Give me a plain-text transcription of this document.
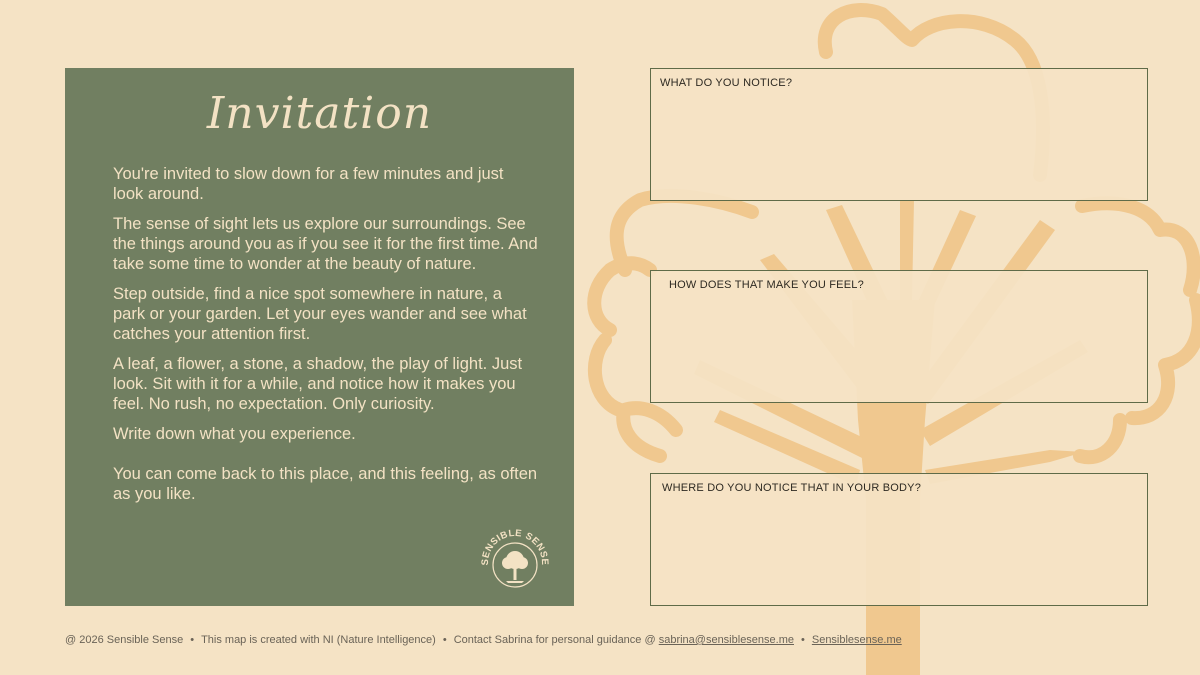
Invitation

You're invited to slow down for a few minutes and just look around.

The sense of sight lets us explore our surroundings. See the things around you as if you see it for the first time. And take some time to wonder at the beauty of nature.

Step outside, find a nice spot somewhere in nature, a park or your garden. Let your eyes wander and see what catches your attention first.

A leaf, a flower, a stone, a shadow, the play of light. Just look. Sit with it for a while, and notice how it makes you feel. No rush, no expectation. Only curiosity.

Write down what you experience.

You can come back to this place, and this feeling, as often as you like.

SENSIBLE SENSE
WHAT DO YOU NOTICE?
HOW DOES THAT MAKE YOU FEEL?
WHERE DO YOU NOTICE THAT IN YOUR BODY?
@ 2026 Sensible Sense • This map is created with NI (Nature Intelligence) • Contact Sabrina for personal guidance @ sabrina@sensiblesense.me • Sensiblesense.me
